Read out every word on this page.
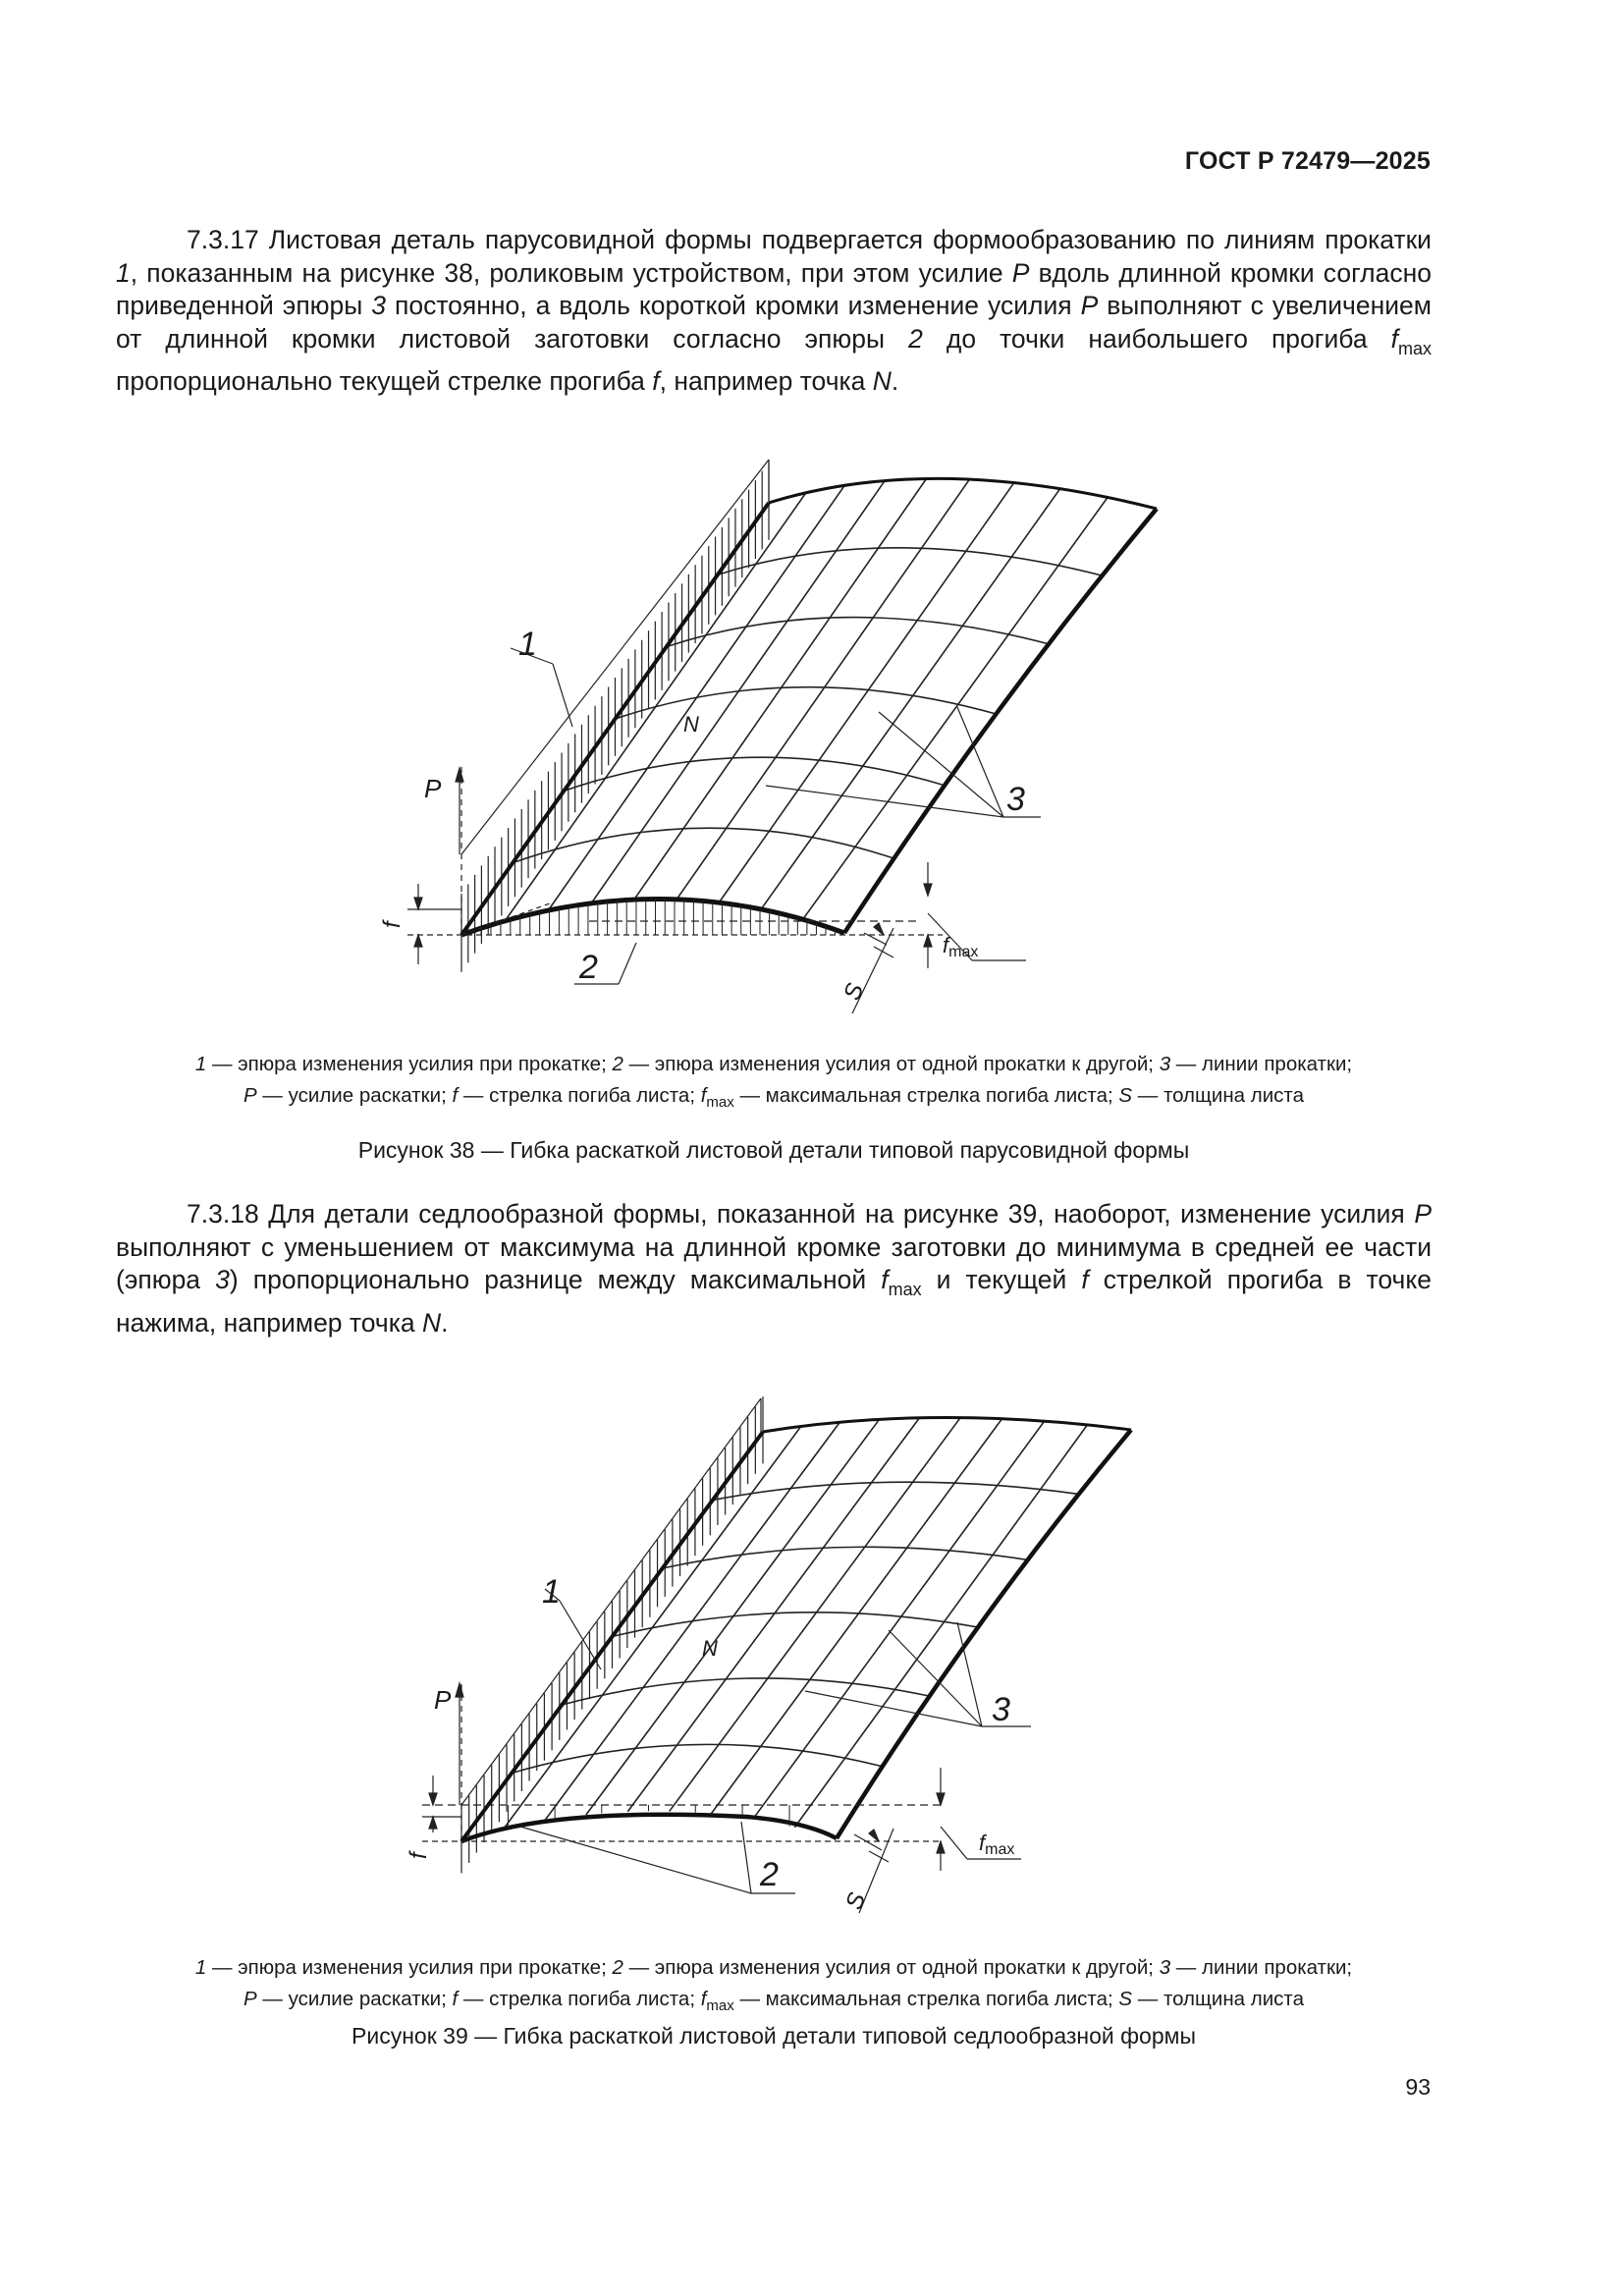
ГОСТ Р 72479—2025
7.3.17 Листовая деталь парусовидной формы подвергается формообразованию по линиям прокатки 1, показанным на рисунке 38, роликовым устройством, при этом усилие P вдоль длинной кромки согласно приведенной эпюры 3 постоянно, а вдоль короткой кромки изменение усилия P выполняют с увеличением от длинной кромки листовой заготовки согласно эпюры 2 до точки наибольшего прогиба $f_{max}$ пропорционально текущей стрелке прогиба f, например точка N.
1
N
3
P
f
fmax
2
S
1 — эпюра изменения усилия при прокатке; 2 — эпюра изменения усилия от одной прокатки к другой; 3 — линии прокатки;
P — усилие раскатки; f — стрелка погиба листа; $f_{max}$ — максимальная стрелка погиба листа; S — толщина листа
Рисунок 38 — Гибка раскаткой листовой детали типовой парусовидной формы
7.3.18 Для детали седлообразной формы, показанной на рисунке 39, наоборот, изменение усилия P выполняют с уменьшением от максимума на длинной кромке заготовки до минимума в средней ее части (эпюра 3) пропорционально разнице между максимальной $f_{max}$ и текущей f стрелкой прогиба в точке нажима, например точка N.
1
N
3
P
f
fmax
2
S
1 — эпюра изменения усилия при прокатке; 2 — эпюра изменения усилия от одной прокатки к другой; 3 — линии прокатки;
P — усилие раскатки; f — стрелка погиба листа; $f_{max}$ — максимальная стрелка погиба листа; S — толщина листа
Рисунок 39 — Гибка раскаткой листовой детали типовой седлообразной формы
93
